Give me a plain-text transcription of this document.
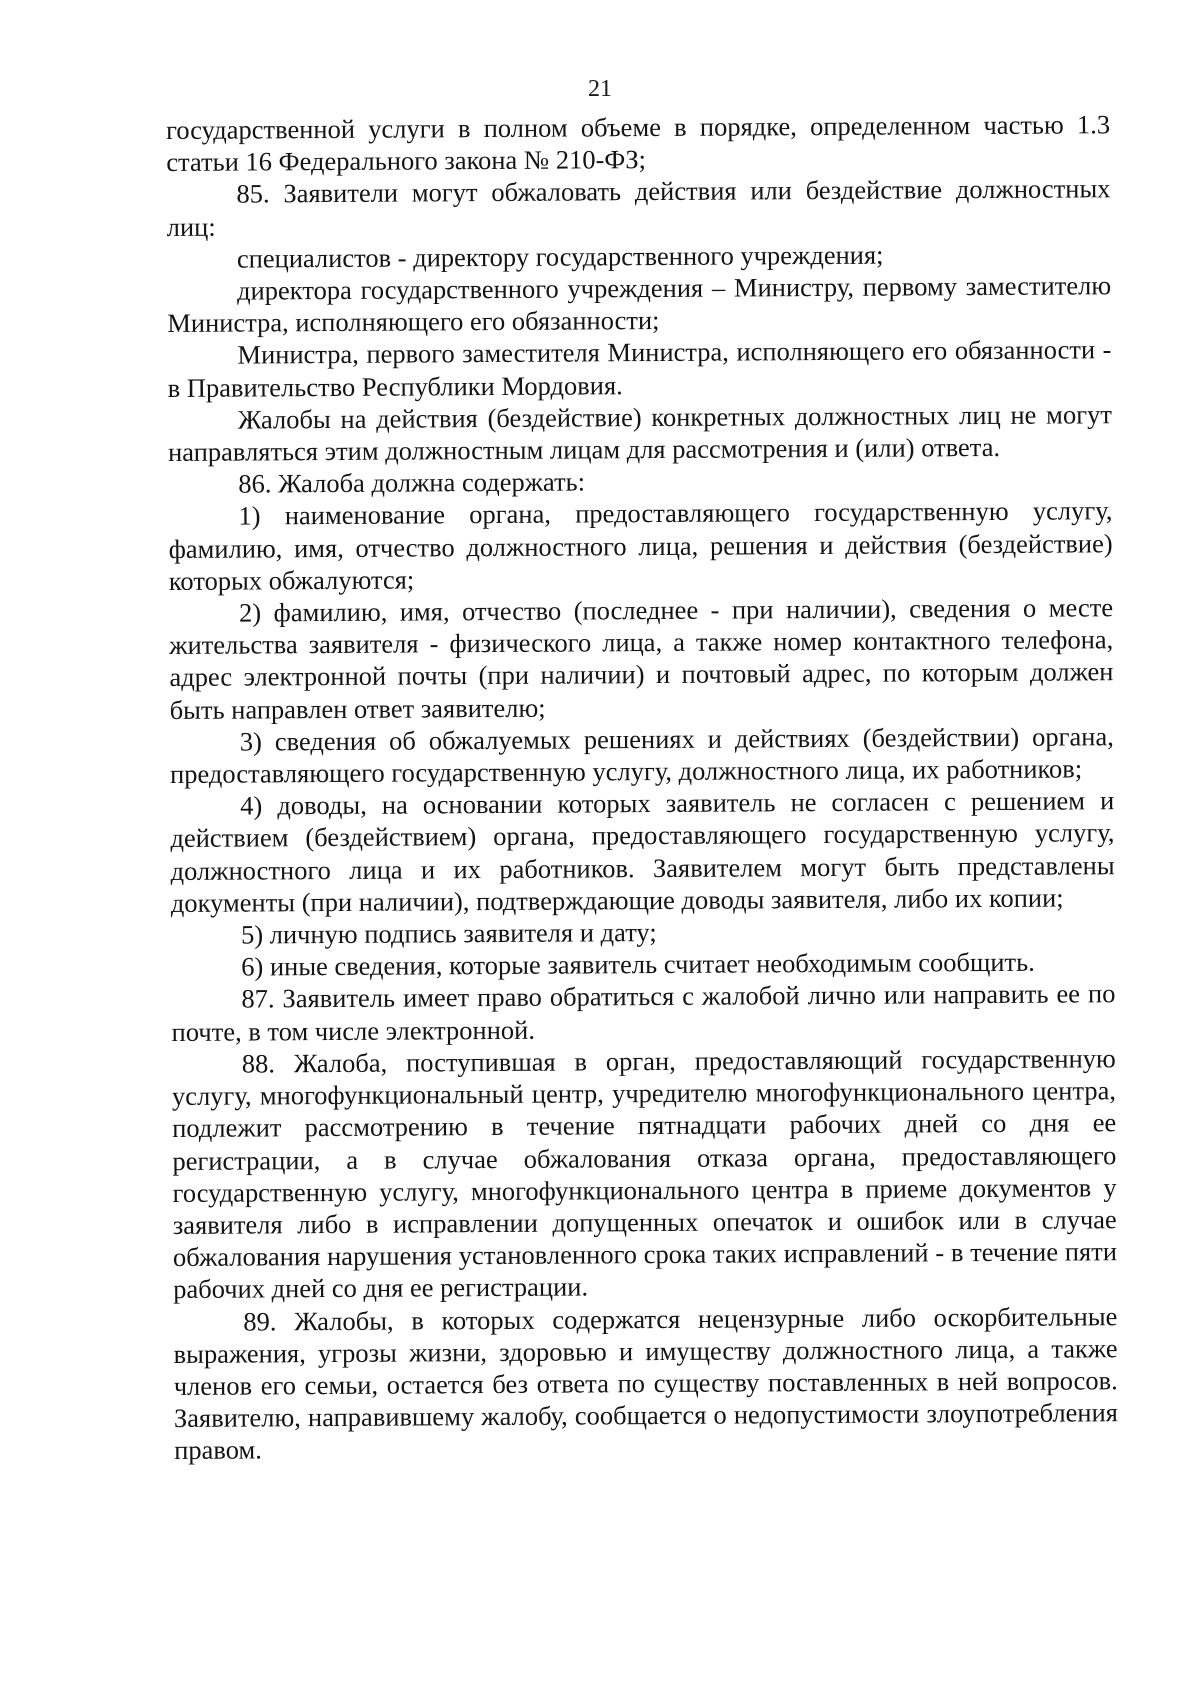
21

государственной услуги в полном объеме в порядке, определенном частью 1.3 статьи 16 Федерального закона № 210-ФЗ;

85. Заявители могут обжаловать действия или бездействие должностных лиц:

специалистов - директору государственного учреждения;

директора государственного учреждения – Министру, первому заместителю Министра, исполняющего его обязанности;

Министра, первого заместителя Министра, исполняющего его обязанности - в Правительство Республики Мордовия.

Жалобы на действия (бездействие) конкретных должностных лиц не могут направляться этим должностным лицам для рассмотрения и (или) ответа.

86. Жалоба должна содержать:

1) наименование органа, предоставляющего государственную услугу, фамилию, имя, отчество должностного лица, решения и действия (бездействие) которых обжалуются;

2) фамилию, имя, отчество (последнее - при наличии), сведения о месте жительства заявителя - физического лица, а также номер контактного телефона, адрес электронной почты (при наличии) и почтовый адрес, по которым должен быть направлен ответ заявителю;

3) сведения об обжалуемых решениях и действиях (бездействии) органа, предоставляющего государственную услугу, должностного лица, их работников;

4) доводы, на основании которых заявитель не согласен с решением и действием (бездействием) органа, предоставляющего государственную услугу, должностного лица и их работников. Заявителем могут быть представлены документы (при наличии), подтверждающие доводы заявителя, либо их копии;

5) личную подпись заявителя и дату;

6) иные сведения, которые заявитель считает необходимым сообщить.

87. Заявитель имеет право обратиться с жалобой лично или направить ее по почте, в том числе электронной.

88. Жалоба, поступившая в орган, предоставляющий государственную услугу, многофункциональный центр, учредителю многофункционального центра, подлежит рассмотрению в течение пятнадцати рабочих дней со дня ее регистрации, а в случае обжалования отказа органа, предоставляющего государственную услугу, многофункционального центра в приеме документов у заявителя либо в исправлении допущенных опечаток и ошибок или в случае обжалования нарушения установленного срока таких исправлений - в течение пяти рабочих дней со дня ее регистрации.

89. Жалобы, в которых содержатся нецензурные либо оскорбительные выражения, угрозы жизни, здоровью и имуществу должностного лица, а также членов его семьи, остается без ответа по существу поставленных в ней вопросов. Заявителю, направившему жалобу, сообщается о недопустимости злоупотребления правом.
